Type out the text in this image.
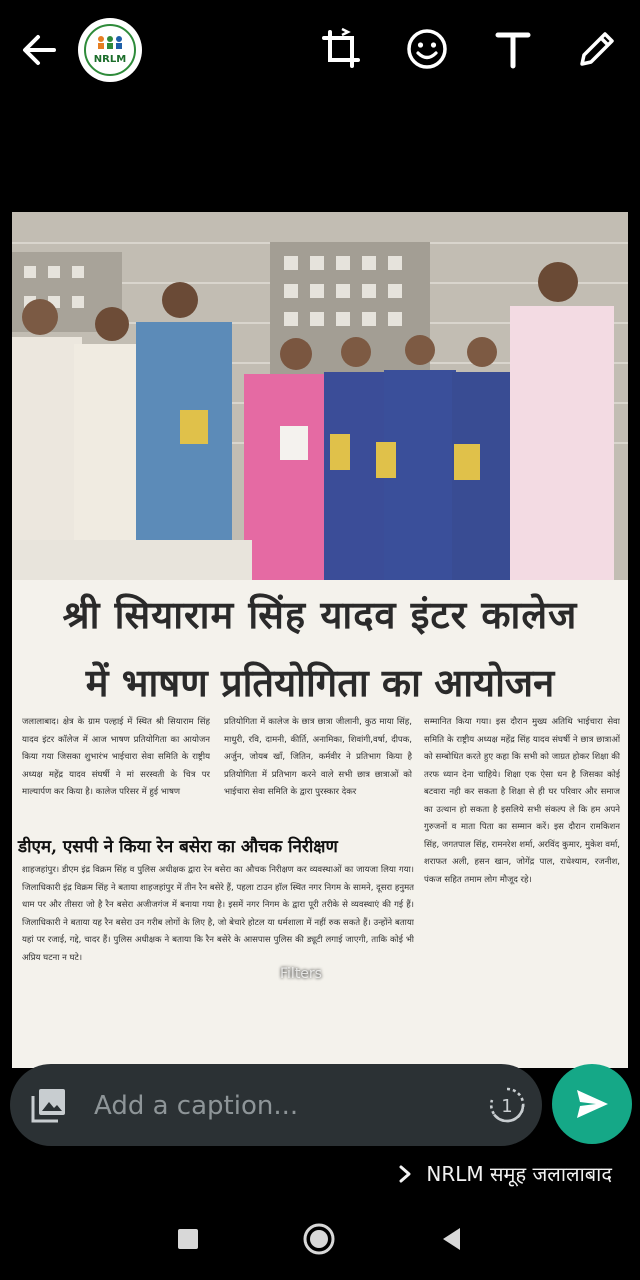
NRLM
श्री सियाराम सिंह यादव इंटर कालेज
में भाषण प्रतियोगिता का आयोजन
जलालाबाद। क्षेत्र के ग्राम पल्हाई में स्थित श्री सियाराम सिंह यादव इंटर कॉलेज में आज भाषण प्रतियोगिता का आयोजन किया गया जिसका शुभारंभ भाईचारा सेवा समिति के राष्ट्रीय अध्यक्ष महेंद्र यादव संघर्षी ने मां सरस्वती के चित्र पर माल्यार्पण कर किया है। कालेज परिसर में हुई भाषण
प्रतियोगिता में कालेज के छात्र छात्रा जीलानी, कुठ माया सिंह, माधुरी, रवि, दामनी, कीर्ति, अनामिका, शिवांगी,वर्षा, दीपक, अर्जुन, जोयब खाँ, जितिन, कर्मवीर ने प्रतिभाग किया है प्रतियोगिता में प्रतिभाग करने वाले सभी छात्र छात्राओं को भाईचारा सेवा समिति के द्वारा पुरस्कार देकर
सम्मानित किया गया। इस दौरान मुख्य अतिथि भाईचारा सेवा समिति के राष्ट्रीय अध्यक्ष महेंद्र सिंह यादव संघर्षी ने छात्र छात्राओं को सम्बोधित करते हुए कहा कि सभी को जाग्रत होकर शिक्षा की तरफ ध्यान देना चाहिये। शिक्षा एक ऐसा धन है जिसका कोई बटवारा नही कर सकता है शिक्षा से ही घर परिवार और समाज का उत्थान हो सकता है इसलिये सभी संकल्प ले कि हम अपने गुरुजनों व माता पिता का सम्मान करें। इस दौरान रामकिशन सिंह, जगतपाल सिंह, रामनरेश शर्मा, अरविंद कुमार, मुकेश वर्मा, शराफत अली, हसन खान, जोगेंद्र पाल, राधेश्याम, रजनीश, पंकज सहित तमाम लोग मौजूद रहे।
डीएम, एसपी ने किया रेन बसेरा का औचक निरीक्षण
शाहजहांपुर। डीएम इंद्र विक्रम सिंह व पुलिस अधीक्षक द्वारा रेन बसेरा का औचक निरीक्षण कर व्यवस्थाओं का जायजा लिया गया। जिलाधिकारी इंद्र विक्रम सिंह ने बताया शाहजहांपुर में तीन रैन बसेरे हैं, पहला टाउन हॉल स्थित नगर निगम के सामने, दूसरा हनुमत धाम पर और तीसरा जो है रैन बसेरा अजीजगंज में बनाया गया है। इसमें नगर निगम के द्वारा पूरी तरीके से व्यवस्थाएं की गई हैं। जिलाधिकारी ने बताया यह रैन बसेरा उन गरीब लोगों के लिए है, जो बेचारे होटल या धर्मशाला में नहीं रुक सकते हैं। उन्होंने बताया यहां पर रजाई, गद्दे, चादर हैं। पुलिस अधीक्षक ने बताया कि रैन बसेरे के आसपास पुलिस की ड्यूटी लगाई जाएगी, ताकि कोई भी अप्रिय घटना न घटे।
Filters
Add a caption...
1
NRLM समूह जलालाबाद
